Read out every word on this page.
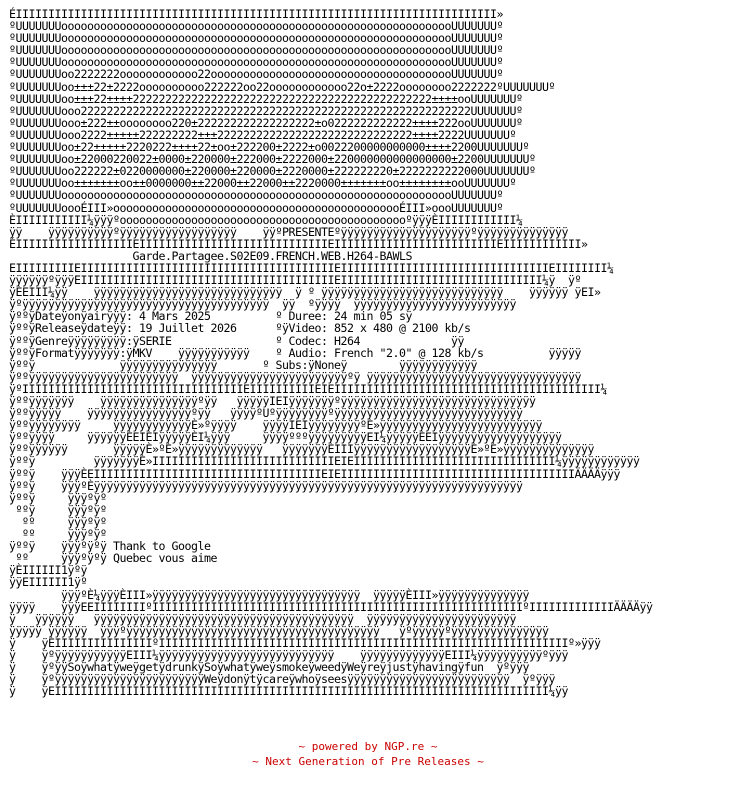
ÉIIIIIIIIIIIIIIIIIIIIIIIIIIIIIIIIIIIIIIIIIIIIIIIIIIIIIIIIIIIIIIIIIIIIIIIIII»
ºUUUUUUUooooooooooooooooooooooooooooooooooooooooooooooooooooooooooooUUUUUUUº
ºUUUUUUUooooooooooooooooooooooooooooooooooooooooooooooooooooooooooooUUUUUUUº
ºUUUUUUUooooooooooooooooooooooooooooooooooooooooooooooooooooooooooooUUUUUUUº
ºUUUUUUUooooooooooooooooooooooooooooooooooooooooooooooooooooooooooooUUUUUUUº
ºUUUUUUUoo2222222oooooooooooo22oooooooooooooooooooooooooooooooooooooUUUUUUUº
ºUUUUUUUoo±±±22±2222oooooooooo222222oo22oooooooooooo22o±2222oooooooo2222222ºUUUUUUUº
ºUUUUUUUoo±±±22±±±±2222222222222222222222222222222222222222222222±±±±ooUUUUUUUº
ºUUUUUUUooo222222222222222222222222222222222222222222222222222222222222UUUUUUUº
ºUUUUUUUooo±222±±oooooooo220±222222222222222222±o0222222222222±±±±222ooUUUUUUUº
ºUUUUUUUooo2222±±±±±222222222±±±222222222222222222222222222222±±±±2222UUUUUUUº
ºUUUUUUUoo±22±±±±±2220222±±±±22±oo±222200±2222±o0022200000000000±±±±2200UUUUUUUº
ºUUUUUUUoo±22000220022±0000±220000±222000±2222000±220000000000000000±2200UUUUUUUº
ºUUUUUUUoo222222±0220000000±220000±220000±2220000±222222220±2222222222000UUUUUUUº
ºUUUUUUUoo±±±±±±±oo±±0000000±±22000±±22000±±2220000±±±±±±±oo±±±±±±±±ooUUUUUUUº
ºUUUUUUUooooooooooooooooooooooooooooooooooooooooooooooooooooooooooooUUUUUUUº
ºUUUUUUUoooÉIII»ooooooooooooooooooooooooooooooooooooooooooooÉIII»oooUUUUUUUº
ÈIIIIIIIIIII¼ÿÿÿºooooooooooooooooooooooooooooooooooooooooooooºÿÿÿÈIIIIIIIIIIII¼
ÿÿ    ÿÿÿÿÿÿÿÿÿÿºÿÿÿÿÿÿÿÿÿÿÿÿÿÿÿÿÿÿ    ÿÿºPRESENTEºÿÿÿÿÿÿÿÿÿÿÿÿÿÿÿÿÿÿÿÿºÿÿÿÿÿÿÿÿÿÿÿÿÿÿ
ÉIIIIIIIIIIIIIIIIIIEIIIIIIIIIIIIIIIIIIIIIIIIIIIIIEIIIIIIIIIIIIIIIIIIIIIIIIIEIIIIIIIIIIII»
Garde.Partagee.S02E09.FRENCH.WEB.H264-BAWLS
EIIIIIIIIIEIIIIIIIIIIIIIIIIIIIIIIIIIIIIIIIIIIIIIIIEIIIIIIIIIIIIIIIIIIIIIIIIIIIIIIIIEIIIIIIII¼
ÿÿÿÿÿÿºÿÿÿEIIIIIIIIIIIIIIIIIIIIIIIIIIIIIIIIIIIIIIIEIIIIIIIIIIIIIIIIIIIIIIIIIIIIIII¼ÿ  ÿº
ÿÈEIII¼ÿÿ    ÿÿÿÿÿÿÿÿÿÿÿÿÿÿÿÿÿÿÿÿÿÿÿÿÿÿÿÿÿ  ÿ º ÿÿÿÿÿÿÿÿÿÿÿÿÿÿÿÿÿÿÿÿÿÿÿÿÿÿÿÿ    ÿÿÿÿÿÿ ÿEI»
ÿºÿÿÿÿÿÿÿÿÿÿÿÿÿÿÿÿÿÿÿÿÿÿÿÿÿÿÿÿÿÿÿÿÿÿÿÿÿÿ  ÿÿ  ºÿÿÿÿ  ÿÿÿÿÿÿÿÿÿÿÿÿÿÿÿÿÿÿÿÿÿÿÿÿÿ
ÿººÿDateÿonÿairÿÿÿ: 4 Mars 2025          º Duree: 24 min 05 sÿ
ÿººÿReleaseÿdateÿÿ: 19 Juillet 2026      ºÿVideo: 852 x 480 @ 2100 kb/s
ÿººÿGenreÿÿÿÿÿÿÿÿÿ:ÿSERIE                º Codec: H264              ÿÿ
ÿººÿFormatÿÿÿÿÿÿÿ:ÿMKV    ÿÿÿÿÿÿÿÿÿÿÿ    º Audio: French "2.0" @ 128 kb/s          ÿÿÿÿÿ
ÿººÿ             ÿÿÿÿÿÿÿÿÿÿÿÿÿÿÿ       º Subs:ÿNoneÿ        ÿÿÿÿÿÿÿÿÿÿÿÿ
ÿººÿÿÿÿÿÿÿÿÿÿÿÿÿÿÿÿÿÿÿÿÿÿÿ  ÿÿÿÿÿÿÿÿÿÿÿÿÿÿÿÿÿÿÿÿÿÿÿÿºÿ ÿÿÿÿÿÿÿÿÿÿÿÿÿÿÿÿÿÿÿÿÿÿÿÿÿÿÿÿÿÿÿÿÿ
ÿºIIIIIIIIIIIIIIIIIIIIIIIIIIIIIIIIIIEIIIIIIIIIIEIEIIIIIIIIIIIIIIIIIIIIIIIIIIIIIIIIIIIIIIIII¼
ÿººÿÿÿÿÿÿÿ    ÿÿÿÿÿÿÿÿÿÿÿÿÿÿÿºÿÿ   ÿÿÿÿÿIEIÿÿÿÿÿÿÿºÿÿÿÿÿÿÿÿÿÿÿÿÿÿÿÿÿÿÿÿÿÿÿÿÿÿÿÿÿÿ
ÿººÿÿÿÿÿ    ÿÿÿÿÿÿÿÿÿÿÿÿÿÿÿÿºÿÿ   ÿÿÿÿºUºÿÿÿÿÿÿÿÿºÿÿÿÿÿÿÿÿÿÿÿÿÿÿÿÿÿÿÿÿÿÿÿÿÿÿÿÿÿ
ÿººÿÿÿÿÿÿÿÿ     ÿÿÿÿÿÿÿÿÿÿÿÿÈ»ºÿÿÿÿ    ÿÿÿÿIEIÿÿÿÿÿÿÿÿºÈ»ÿÿÿÿÿÿÿÿÿÿÿÿÿÿÿÿÿÿÿÿÿÿÿÿÿ
ÿººÿÿÿÿ     ÿÿÿÿÿÿÈEIÈIÿÿÿÿÿÈI¼ÿÿÿ     ÿÿÿÿºººÿÿÿÿÿÿÿÿÿEI¼ÿÿÿÿÿÈEIÿÿÿÿÿÿÿÿÿÿÿÿÿÿÿÿÿÿÿ
ÿººÿÿÿÿÿÿ       ÿÿÿÿÿÈ»ºÈ»ÿÿÿÿÿÿÿÿÿÿÿÿÿ   ÿÿÿÿÿÿÿÈIIIÿÿÿÿÿÿÿÿÿÿÿÿÿÿÿÿÿÿÈ»ºÈ»ÿÿÿÿÿÿÿÿÿÿÿÿÿÿ
ÿººÿ         ÿÿÿÿÿÿÿÈ»IIIIIIIIIIIIIIIIIIIIIIIIIIIIEIEIIIIIIIIIIIIIIIIIIIIIIIIIIIIIII¼ÿÿÿÿÿÿÿÿÿÿÿÿ
ÿººÿ    ÿÿÿÈEIIIIIIIIIIIIIIIIIIIIIIIIIIIIIIIIIIIEIEIIIIIIIIIIIIIIIIIIIIIIIIIIIIIIIIIIIIÄÄÄÄÿÿÿ
ÿººÿ    ÿÿÿºÈÿÿÿÿÿÿÿÿÿÿÿÿÿÿÿÿÿÿÿÿÿÿÿÿÿÿÿÿÿÿÿÿÿÿÿÿÿÿÿÿÿÿÿÿÿÿÿÿÿÿÿÿÿÿÿÿÿÿÿÿÿÿÿÿÿÿ
ÿººÿ     ÿÿÿºÿº
ººÿ     ÿÿÿºÿº
ºº     ÿÿÿºÿº
ºº     ÿÿÿºÿº
ÿººÿ    ÿÿÿºÿºÿ Thank to Google
ºº     ÿÿÿºÿºÿ Quebec vous aime
ÿÈIIIIII1ÿºÿ
ÿÿEIIIIII1ÿº
ÿÿÿºÈ¼ÿÿÿÈIII»ÿÿÿÿÿÿÿÿÿÿÿÿÿÿÿÿÿÿÿÿÿÿÿÿÿÿÿÿÿÿÿÿ  ÿÿÿÿÿÈIII»ÿÿÿÿÿÿÿÿÿÿÿÿÿÿ
ÿÿÿÿ    ÿÿÿEEIIIIIIIIºIIIIIIIIIIIIIIIIIIIIIIIIIIIIIIIIIIIIIIIIIIIIIIIIIIIIIIIIIºIIIIIIIIIIIIIÄÄÄÄÿÿ
ÿ   ÿÿÿÿÿÿ   ÿÿÿÿÿÿÿÿÿÿÿÿÿÿÿÿÿÿÿÿÿÿÿÿÿÿÿÿÿÿÿÿÿÿÿÿÿÿÿÿ  ÿÿÿÿÿÿÿÿÿÿÿÿÿÿÿÿÿÿÿÿÿÿÿ
ÿÿÿÿÿ ÿÿÿÿÿÿ  ÿÿÿºÿÿÿÿÿÿÿÿÿÿÿÿÿÿÿÿÿÿÿÿÿÿÿÿÿÿÿÿÿÿÿÿÿÿÿÿÿÿÿ   ÿºÿÿÿÿÿºÿÿÿÿÿÿÿÿÿÿÿÿÿÿÿ
ÿ    ÿÈIIIIIIIIIIIIIIIºIIIIIIIIIIIIIIIIIIIIIIIIIIIIIIIIIIIIIIIIIIIIIIIIIIIIIIIIIIIIIIIº»ÿÿÿ
ÿ    ÿºÿÿÿÿÿÿÿÿÿÿÿEIII¼ÿÿÿÿÿÿÿÿÿÿÿÿÿÿÿÿÿÿÿÿÿÿÿÿÿÿÿ    ÿÿÿÿÿÿÿÿÿÿÿÿÿEIII¼ÿÿÿÿÿÿÿÿÿÿºÿÿÿ
ÿ    ÿºÿÿSoÿwhatÿweÿgetÿdrunkÿSoÿwhatÿweÿsmokeÿweedÿWeÿreÿjustÿhavingÿfun  ÿºÿÿÿ
ÿ    ÿºÿÿÿÿÿÿÿÿÿÿÿÿÿÿÿÿÿÿÿÿÿÿÿWeÿdonÿtÿcareÿwhoÿseesÿÿÿÿÿÿÿÿÿÿÿÿÿÿÿÿÿÿÿÿÿÿÿÿÿ  ÿºÿÿÿ
ÿ    ÿEIIIIIIIIIIIIIIIIIIIIIIIIIIIIIIIIIIIIIIIIIIIIIIIIIIIIIIIIIIIIIIIIIIIIIIIIIIII¼ÿÿ
~ powered by NGP.re ~
~ Next Generation of Pre Releases ~
